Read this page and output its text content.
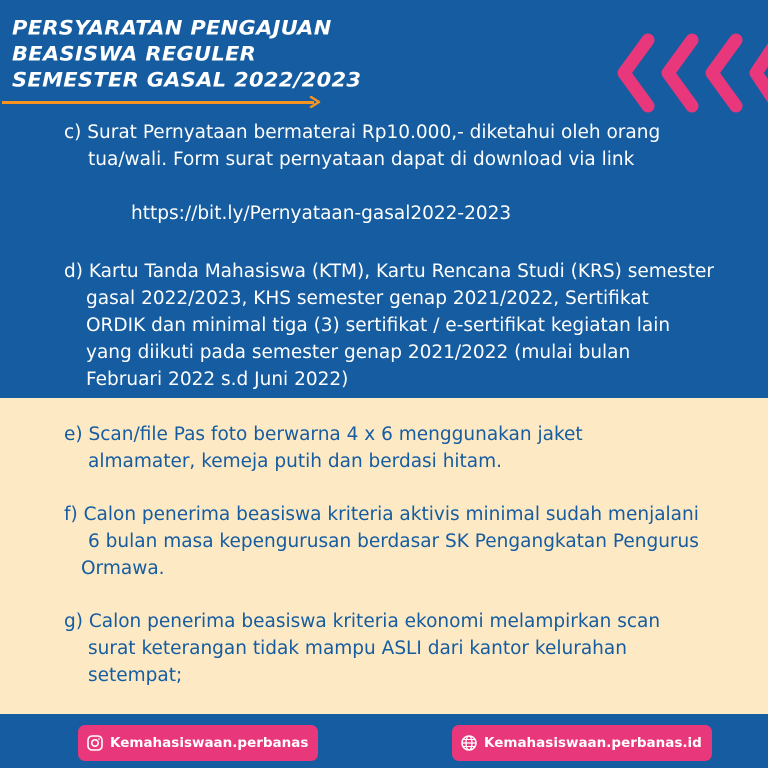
PERSYARATAN PENGAJUAN
BEASISWA REGULER
SEMESTER GASAL 2022/2023
c) Surat Pernyataan bermaterai Rp10.000,- diketahui oleh orang
tua/wali. Form surat pernyataan dapat di download via link
https://bit.ly/Pernyataan-gasal2022-2023
d) Kartu Tanda Mahasiswa (KTM), Kartu Rencana Studi (KRS) semester
gasal 2022/2023, KHS semester genap 2021/2022, Sertifikat ORDIK dan minimal tiga (3) sertifikat / e-sertifikat kegiatan lain yang diikuti pada semester genap 2021/2022 (mulai bulan Februari 2022 s.d Juni 2022)
e) Scan/file Pas foto berwarna 4 x 6 menggunakan jaket
almamater, kemeja putih dan berdasi hitam.
f) Calon penerima beasiswa kriteria aktivis minimal sudah menjalani
6 bulan masa kepengurusan berdasar SK Pengangkatan Pengurus
Ormawa.
g) Calon penerima beasiswa kriteria ekonomi melampirkan scan
surat keterangan tidak mampu ASLI dari kantor kelurahan setempat;
Kemahasiswaan.perbanas	Kemahasiswaan.perbanas.id
